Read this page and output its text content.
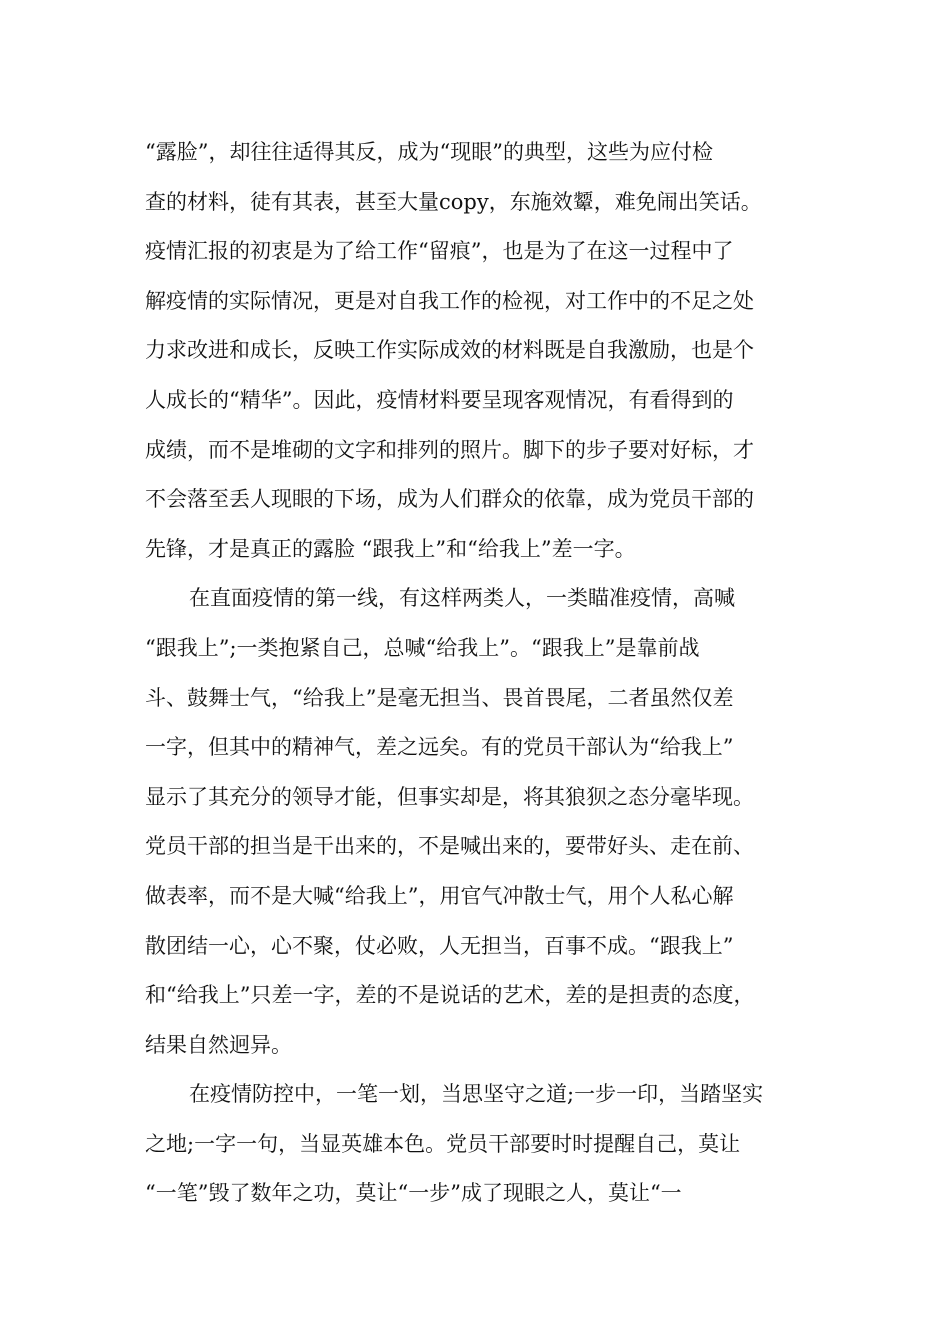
“露脸”，却往往适得其反，成为“现眼”的典型，这些为应付检
查的材料，徒有其表，甚至大量copy，东施效颦，难免闹出笑话。
疫情汇报的初衷是为了给工作“留痕”，也是为了在这一过程中了
解疫情的实际情况，更是对自我工作的检视，对工作中的不足之处
力求改进和成长，反映工作实际成效的材料既是自我激励，也是个
人成长的“精华”。因此，疫情材料要呈现客观情况，有看得到的
成绩，而不是堆砌的文字和排列的照片。脚下的步子要对好标，才
不会落至丢人现眼的下场，成为人们群众的依靠，成为党员干部的
先锋，才是真正的露脸 “跟我上”和“给我上”差一字。
在直面疫情的第一线，有这样两类人，一类瞄准疫情，高喊
“跟我上”;一类抱紧自己，总喊“给我上”。“跟我上”是靠前战
斗、鼓舞士气，“给我上”是毫无担当、畏首畏尾，二者虽然仅差
一字，但其中的精神气，差之远矣。有的党员干部认为“给我上”
显示了其充分的领导才能，但事实却是，将其狼狈之态分毫毕现。
党员干部的担当是干出来的，不是喊出来的，要带好头、走在前、
做表率，而不是大喊“给我上”，用官气冲散士气，用个人私心解
散团结一心，心不聚，仗必败，人无担当，百事不成。“跟我上”
和“给我上”只差一字，差的不是说话的艺术，差的是担责的态度，
结果自然迥异。
在疫情防控中，一笔一划，当思坚守之道;一步一印，当踏坚实
之地;一字一句，当显英雄本色。党员干部要时时提醒自己，莫让
“一笔”毁了数年之功，莫让“一步”成了现眼之人，莫让“一
